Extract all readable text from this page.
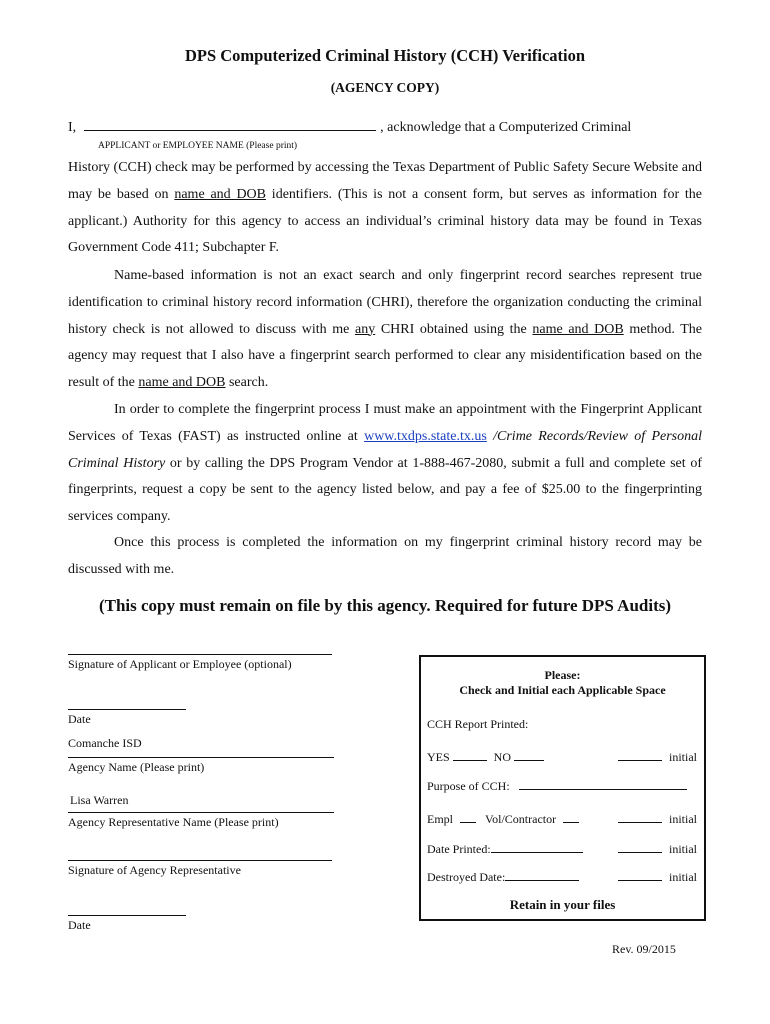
DPS Computerized Criminal History (CCH) Verification
(AGENCY COPY)
I,	, acknowledge that a Computerized Criminal
APPLICANT or EMPLOYEE NAME (Please print)

History (CCH) check may be performed by accessing the Texas Department of Public Safety Secure Website and may be based on name and DOB identifiers. (This is not a consent form, but serves as information for the applicant.) Authority for this agency to access an individual’s criminal history data may be found in Texas Government Code 411; Subchapter F.

Name-based information is not an exact search and only fingerprint record searches represent true identification to criminal history record information (CHRI), therefore the organization conducting the criminal history check is not allowed to discuss with me any CHRI obtained using the name and DOB method. The agency may request that I also have a fingerprint search performed to clear any misidentification based on the result of the name and DOB search.

In order to complete the fingerprint process I must make an appointment with the Fingerprint Applicant Services of Texas (FAST) as instructed online at www.txdps.state.tx.us /Crime Records/Review of Personal Criminal History or by calling the DPS Program Vendor at 1-888-467-2080, submit a full and complete set of fingerprints, request a copy be sent to the agency listed below, and pay a fee of $25.00 to the fingerprinting services company.

Once this process is completed the information on my fingerprint criminal history record may be discussed with me.

(This copy must remain on file by this agency. Required for future DPS Audits)
Signature of Applicant or Employee (optional)
Date
Comanche ISD
Agency Name (Please print)
Lisa Warren
Agency Representative Name (Please print)
Signature of Agency Representative
Date
Please:
Check and Initial each Applicable Space
CCH Report Printed:
YES	NO	initial
Purpose of CCH:
Empl	Vol/Contractor	initial
Date Printed:	initial
Destroyed Date:	initial
Retain in your files
Rev. 09/2015
